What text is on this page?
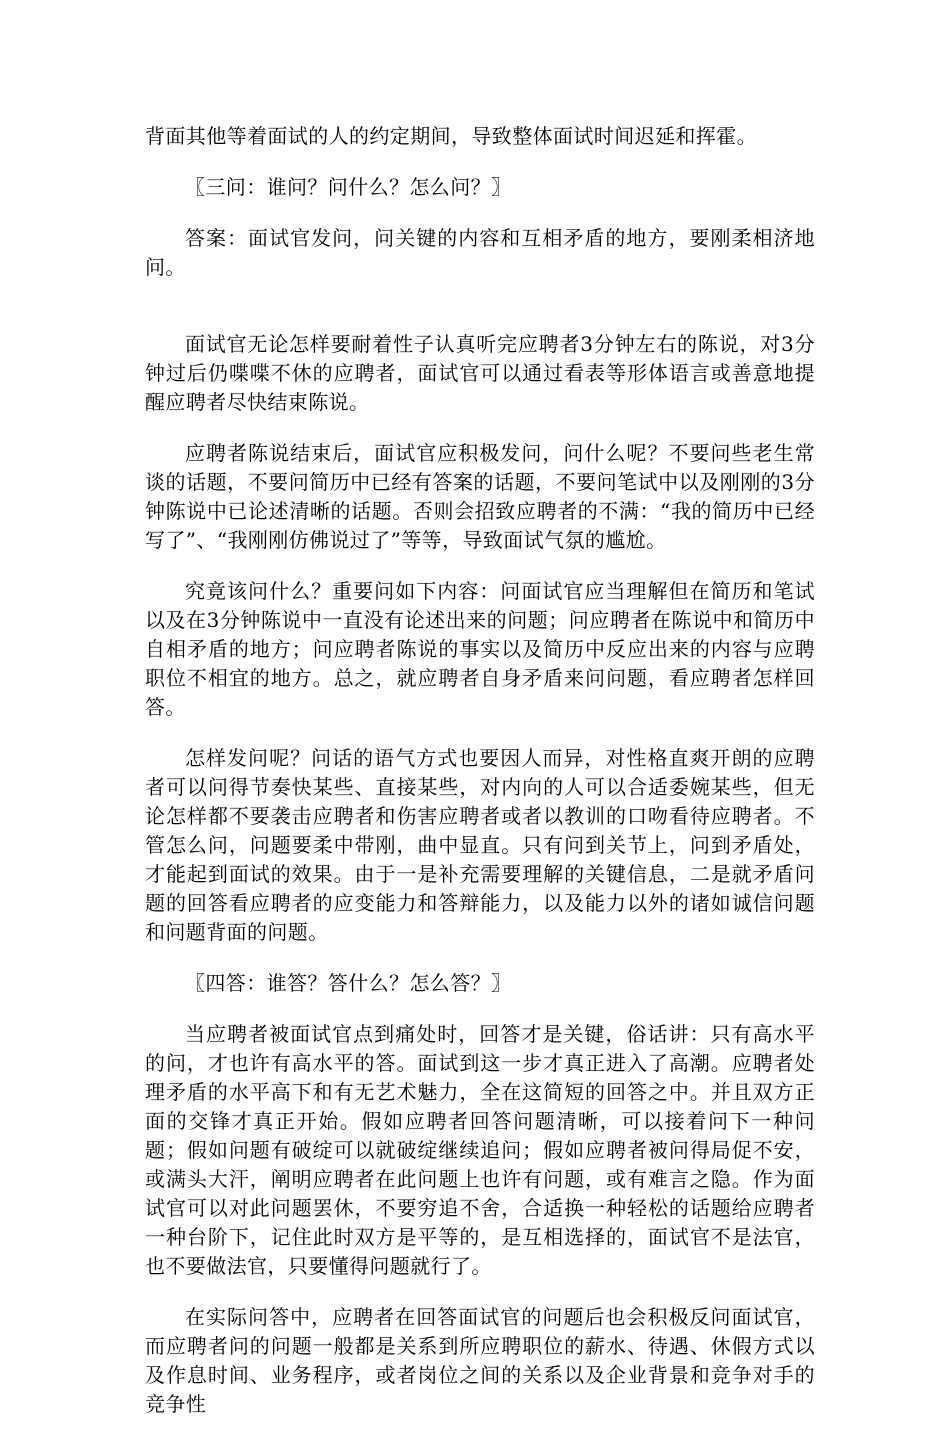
背面其他等着面试的人的约定期间，导致整体面试时间迟延和挥霍。

〖三问：谁问？问什么？怎么问？〗

答案：面试官发问，问关键的内容和互相矛盾的地方，要刚柔相济地问。

面试官无论怎样要耐着性子认真听完应聘者3分钟左右的陈说，对3分钟过后仍喋喋不休的应聘者，面试官可以通过看表等形体语言或善意地提醒应聘者尽快结束陈说。

应聘者陈说结束后，面试官应积极发问，问什么呢？不要问些老生常谈的话题，不要问简历中已经有答案的话题，不要问笔试中以及刚刚的3分钟陈说中已论述清晰的话题。否则会招致应聘者的不满：“我的简历中已经写了”、“我刚刚仿佛说过了”等等，导致面试气氛的尴尬。

究竟该问什么？重要问如下内容：问面试官应当理解但在简历和笔试以及在3分钟陈说中一直没有论述出来的问题；问应聘者在陈说中和简历中自相矛盾的地方；问应聘者陈说的事实以及简历中反应出来的内容与应聘职位不相宜的地方。总之，就应聘者自身矛盾来问问题，看应聘者怎样回答。

怎样发问呢？问话的语气方式也要因人而异，对性格直爽开朗的应聘者可以问得节奏快某些、直接某些，对内向的人可以合适委婉某些，但无论怎样都不要袭击应聘者和伤害应聘者或者以教训的口吻看待应聘者。不管怎么问，问题要柔中带刚，曲中显直。只有问到关节上，问到矛盾处，才能起到面试的效果。由于一是补充需要理解的关键信息，二是就矛盾问题的回答看应聘者的应变能力和答辩能力，以及能力以外的诸如诚信问题和问题背面的问题。

〖四答：谁答？答什么？怎么答？〗

当应聘者被面试官点到痛处时，回答才是关键，俗话讲：只有高水平的问，才也许有高水平的答。面试到这一步才真正进入了高潮。应聘者处理矛盾的水平高下和有无艺术魅力，全在这简短的回答之中。并且双方正面的交锋才真正开始。假如应聘者回答问题清晰，可以接着问下一种问题；假如问题有破绽可以就破绽继续追问；假如应聘者被问得局促不安，或满头大汗，阐明应聘者在此问题上也许有问题，或有难言之隐。作为面试官可以对此问题罢休，不要穷追不舍，合适换一种轻松的话题给应聘者一种台阶下，记住此时双方是平等的，是互相选择的，面试官不是法官，也不要做法官，只要懂得问题就行了。

在实际问答中，应聘者在回答面试官的问题后也会积极反问面试官，而应聘者问的问题一般都是关系到所应聘职位的薪水、待遇、休假方式以及作息时间、业务程序，或者岗位之间的关系以及企业背景和竞争对手的竞争性
